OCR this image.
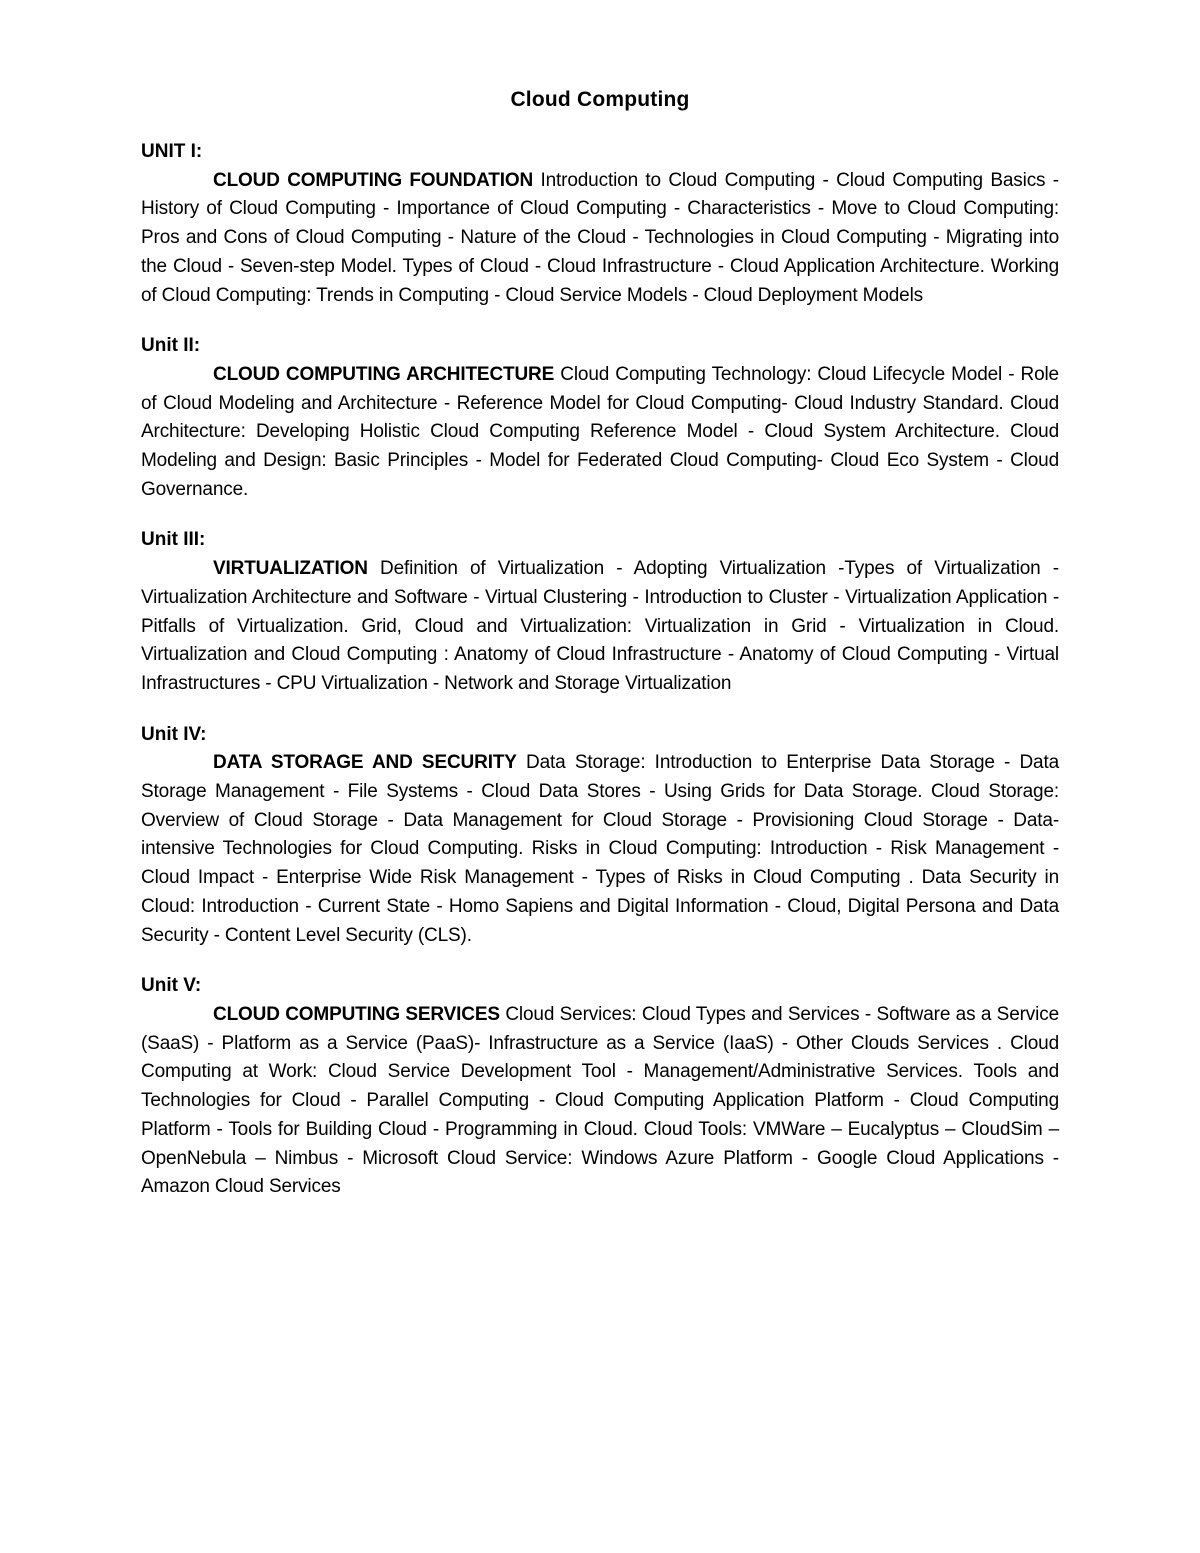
Cloud Computing

UNIT I:

CLOUD COMPUTING FOUNDATION Introduction to Cloud Computing - Cloud Computing Basics - History of Cloud Computing - Importance of Cloud Computing - Characteristics - Move to Cloud Computing: Pros and Cons of Cloud Computing - Nature of the Cloud - Technologies in Cloud Computing - Migrating into the Cloud - Seven-step Model. Types of Cloud - Cloud Infrastructure - Cloud Application Architecture. Working of Cloud Computing: Trends in Computing - Cloud Service Models - Cloud Deployment Models

Unit II:

CLOUD COMPUTING ARCHITECTURE Cloud Computing Technology: Cloud Lifecycle Model - Role of Cloud Modeling and Architecture - Reference Model for Cloud Computing- Cloud Industry Standard. Cloud Architecture: Developing Holistic Cloud Computing Reference Model - Cloud System Architecture. Cloud Modeling and Design: Basic Principles - Model for Federated Cloud Computing- Cloud Eco System - Cloud Governance.

Unit III:

VIRTUALIZATION Definition of Virtualization - Adopting Virtualization -Types of Virtualization - Virtualization Architecture and Software - Virtual Clustering - Introduction to Cluster - Virtualization Application - Pitfalls of Virtualization. Grid, Cloud and Virtualization: Virtualization in Grid - Virtualization in Cloud. Virtualization and Cloud Computing : Anatomy of Cloud Infrastructure - Anatomy of Cloud Computing - Virtual Infrastructures - CPU Virtualization - Network and Storage Virtualization

Unit IV:

DATA STORAGE AND SECURITY Data Storage: Introduction to Enterprise Data Storage - Data Storage Management - File Systems - Cloud Data Stores - Using Grids for Data Storage. Cloud Storage: Overview of Cloud Storage - Data Management for Cloud Storage - Provisioning Cloud Storage - Data-intensive Technologies for Cloud Computing. Risks in Cloud Computing: Introduction - Risk Management - Cloud Impact - Enterprise Wide Risk Management - Types of Risks in Cloud Computing . Data Security in Cloud: Introduction - Current State - Homo Sapiens and Digital Information - Cloud, Digital Persona and Data Security - Content Level Security (CLS).

Unit V:

CLOUD COMPUTING SERVICES Cloud Services: Cloud Types and Services - Software as a Service (SaaS) - Platform as a Service (PaaS)- Infrastructure as a Service (IaaS) - Other Clouds Services . Cloud Computing at Work: Cloud Service Development Tool - Management/Administrative Services. Tools and Technologies for Cloud - Parallel Computing - Cloud Computing Application Platform - Cloud Computing Platform - Tools for Building Cloud - Programming in Cloud. Cloud Tools: VMWare – Eucalyptus – CloudSim – OpenNebula – Nimbus - Microsoft Cloud Service: Windows Azure Platform - Google Cloud Applications - Amazon Cloud Services
